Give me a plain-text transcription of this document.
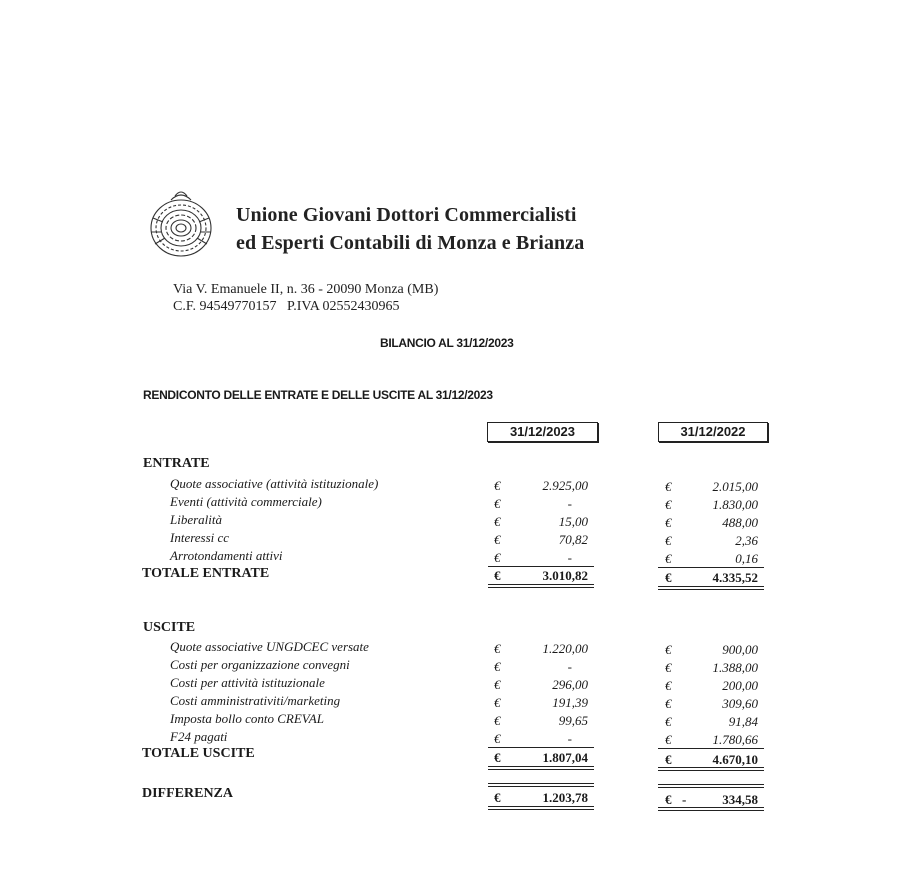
Unione Giovani Dottori Commercialisti
ed Esperti Contabili di Monza e Brianza
Via V. Emanuele II, n. 36 - 20090 Monza (MB)
C.F. 94549770157   P.IVA 02552430965
BILANCIO AL 31/12/2023
RENDICONTO DELLE ENTRATE E DELLE USCITE AL 31/12/2023
31/12/2023	31/12/2022
ENTRATE
Quote associative (attività istituzionale)	€	2.925,00	€	2.015,00
Eventi (attività commerciale)	€	-	€	1.830,00
Liberalità	€	15,00	€	488,00
Interessi cc	€	70,82	€	2,36
Arrotondamenti attivi	€	-	€	0,16
TOTALE ENTRATE	€	3.010,82	€	4.335,52
USCITE
Quote associative UNGDCEC versate	€	1.220,00	€	900,00
Costi per organizzazione convegni	€	-	€	1.388,00
Costi per attività istituzionale	€	296,00	€	200,00
Costi amministrativiti/marketing	€	191,39	€	309,60
Imposta bollo conto CREVAL	€	99,65	€	91,84
F24 pagati	€	-	€	1.780,66
TOTALE USCITE	€	1.807,04	€	4.670,10
DIFFERENZA	€	1.203,78	€ -	334,58
